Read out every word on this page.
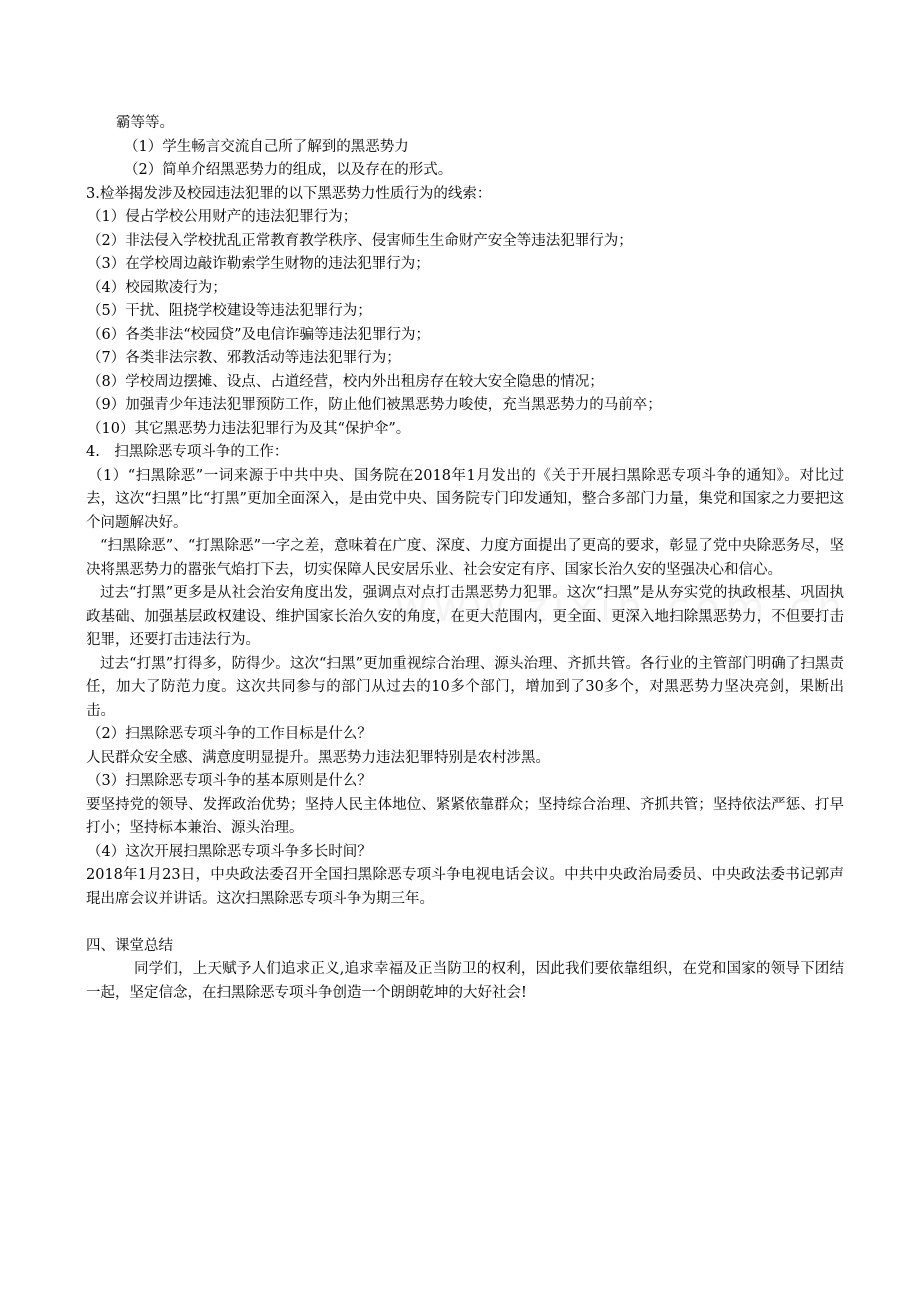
霸等等。
（1）学生畅言交流自己所了解到的黑恶势力
（2）简单介绍黑恶势力的组成，以及存在的形式。
3.检举揭发涉及校园违法犯罪的以下黑恶势力性质行为的线索：
（1）侵占学校公用财产的违法犯罪行为；
（2）非法侵入学校扰乱正常教育教学秩序、侵害师生生命财产安全等违法犯罪行为；
（3）在学校周边敲诈勒索学生财物的违法犯罪行为；
（4）校园欺凌行为；
（5）干扰、阻挠学校建设等违法犯罪行为；
（6）各类非法“校园贷”及电信诈骗等违法犯罪行为；
（7）各类非法宗教、邪教活动等违法犯罪行为；
（8）学校周边摆摊、设点、占道经营，校内外出租房存在较大安全隐患的情况；
（9）加强青少年违法犯罪预防工作，防止他们被黑恶势力唆使，充当黑恶势力的马前卒；
（10）其它黑恶势力违法犯罪行为及其“保护伞”。
4.　扫黑除恶专项斗争的工作：
（1）“扫黑除恶”一词来源于中共中央、国务院在2018年1月发出的《关于开展扫黑除恶专项斗争的通知》。对比过去，这次“扫黑”比“打黑”更加全面深入，是由党中央、国务院专门印发通知，整合多部门力量，集党和国家之力要把这个问题解决好。
“扫黑除恶”、“打黑除恶”一字之差，意味着在广度、深度、力度方面提出了更高的要求，彰显了党中央除恶务尽，坚决将黑恶势力的嚣张气焰打下去，切实保障人民安居乐业、社会安定有序、国家长治久安的坚强决心和信心。
过去“打黑”更多是从社会治安角度出发，强调点对点打击黑恶势力犯罪。这次“扫黑”是从夯实党的执政根基、巩固执政基础、加强基层政权建设、维护国家长治久安的角度，在更大范围内，更全面、更深入地扫除黑恶势力，不但要打击犯罪，还要打击违法行为。
过去“打黑”打得多，防得少。这次“扫黑”更加重视综合治理、源头治理、齐抓共管。各行业的主管部门明确了扫黑责任，加大了防范力度。这次共同参与的部门从过去的10多个部门，增加到了30多个，对黑恶势力坚决亮剑，果断出击。
（2）扫黑除恶专项斗争的工作目标是什么？
人民群众安全感、满意度明显提升。黑恶势力违法犯罪特别是农村涉黑。
（3）扫黑除恶专项斗争的基本原则是什么？
要坚持党的领导、发挥政治优势；坚持人民主体地位、紧紧依靠群众；坚持综合治理、齐抓共管；坚持依法严惩、打早打小；坚持标本兼治、源头治理。
（4）这次开展扫黑除恶专项斗争多长时间？
2018年1月23日，中央政法委召开全国扫黑除恶专项斗争电视电话会议。中共中央政治局委员、中央政法委书记郭声琨出席会议并讲话。这次扫黑除恶专项斗争为期三年。
四、课堂总结
同学们，上天赋予人们追求正义,追求幸福及正当防卫的权利，因此我们要依靠组织，在党和国家的领导下团结一起，坚定信念，在扫黑除恶专项斗争创造一个朗朗乾坤的大好社会!
